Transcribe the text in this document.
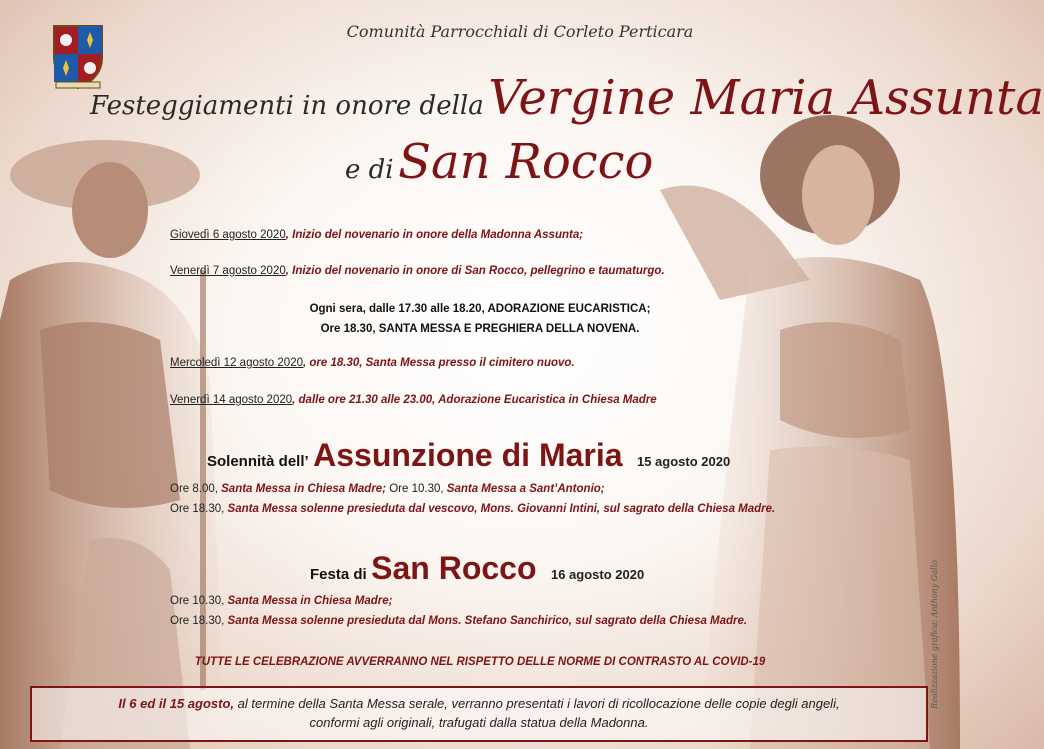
Comunità Parrocchiali di Corleto Perticara
Festeggiamenti in onore della Vergine Maria Assunta
e di San Rocco
Giovedì 6 agosto 2020, Inizio del novenario in onore della Madonna Assunta;
Venerdì 7 agosto 2020, Inizio del novenario in onore di San Rocco, pellegrino e taumaturgo.
Ogni sera, dalle 17.30 alle 18.20, ADORAZIONE EUCARISTICA;
Ore 18.30, SANTA MESSA E PREGHIERA DELLA NOVENA.
Mercoledì 12 agosto 2020, ore 18.30, Santa Messa presso il cimitero nuovo.
Venerdì 14 agosto 2020, dalle ore 21.30 alle 23.00, Adorazione Eucaristica in Chiesa Madre
Solennità dell’ Assunzione di Maria 15 agosto 2020
Ore 8.00, Santa Messa in Chiesa Madre; Ore 10.30, Santa Messa a Sant’Antonio;
Ore 18.30, Santa Messa solenne presieduta dal vescovo, Mons. Giovanni Intini, sul sagrato della Chiesa Madre.
Festa di San Rocco 16 agosto 2020
Ore 10.30, Santa Messa in Chiesa Madre;
Ore 18.30, Santa Messa solenne presieduta dal Mons. Stefano Sanchirico, sul sagrato della Chiesa Madre.
TUTTE LE CELEBRAZIONE AVVERRANNO NEL RISPETTO DELLE NORME DI CONTRASTO AL COVID-19
Il 6 ed il 15 agosto, al termine della Santa Messa serale, verranno presentati i lavori di ricollocazione delle copie degli angeli,
conformi agli originali, trafugati dalla statua della Madonna.
Realizzazione grafica: Anthony Gallo
